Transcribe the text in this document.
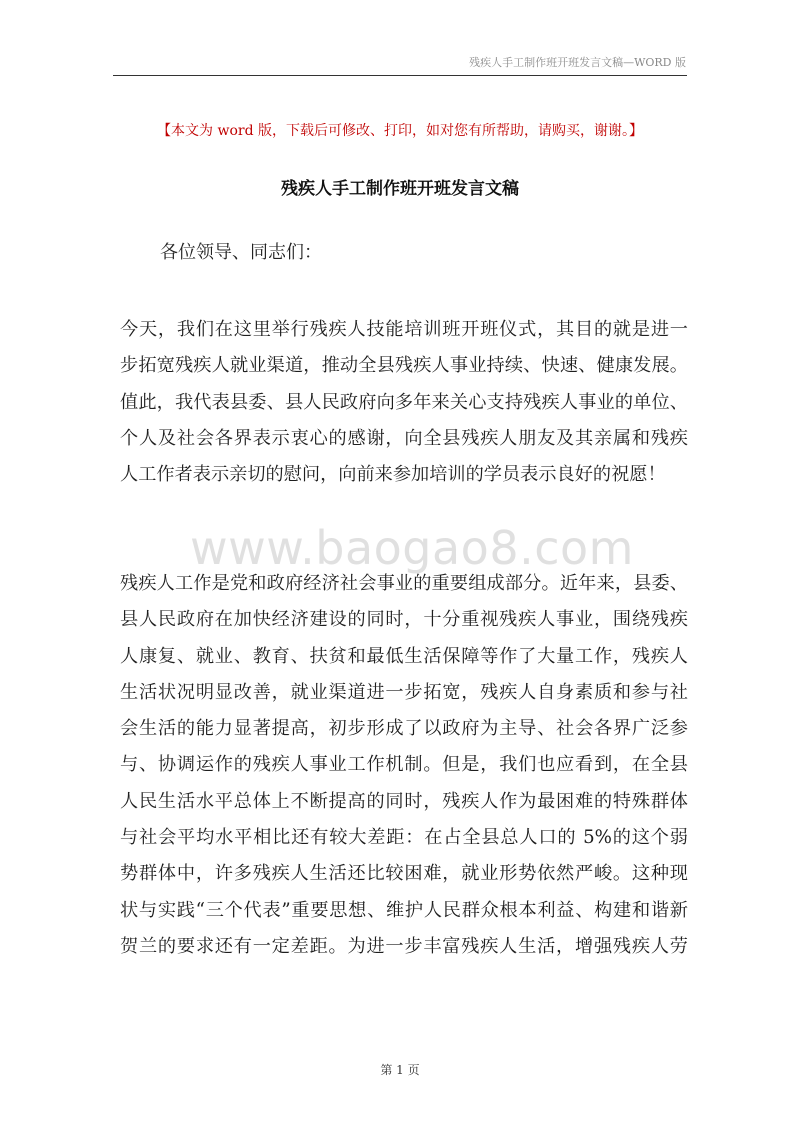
残疾人手工制作班开班发言文稿—WORD 版
【本文为 word 版，下载后可修改、打印，如对您有所帮助，请购买，谢谢。】
残疾人手工制作班开班发言文稿
各位领导、同志们：
今天，我们在这里举行残疾人技能培训班开班仪式，其目的就是进一
步拓宽残疾人就业渠道，推动全县残疾人事业持续、快速、健康发展。
值此，我代表县委、县人民政府向多年来关心支持残疾人事业的单位、
个人及社会各界表示衷心的感谢，向全县残疾人朋友及其亲属和残疾
人工作者表示亲切的慰问，向前来参加培训的学员表示良好的祝愿！
www.baogao8.com
残疾人工作是党和政府经济社会事业的重要组成部分。近年来，县委、
县人民政府在加快经济建设的同时，十分重视残疾人事业，围绕残疾
人康复、就业、教育、扶贫和最低生活保障等作了大量工作，残疾人
生活状况明显改善，就业渠道进一步拓宽，残疾人自身素质和参与社
会生活的能力显著提高，初步形成了以政府为主导、社会各界广泛参
与、协调运作的残疾人事业工作机制。但是，我们也应看到，在全县
人民生活水平总体上不断提高的同时，残疾人作为最困难的特殊群体
与社会平均水平相比还有较大差距：在占全县总人口的 5%的这个弱
势群体中，许多残疾人生活还比较困难，就业形势依然严峻。这种现
状与实践“三个代表”重要思想、维护人民群众根本利益、构建和谐新
贺兰的要求还有一定差距。为进一步丰富残疾人生活，增强残疾人劳
第 1 页
